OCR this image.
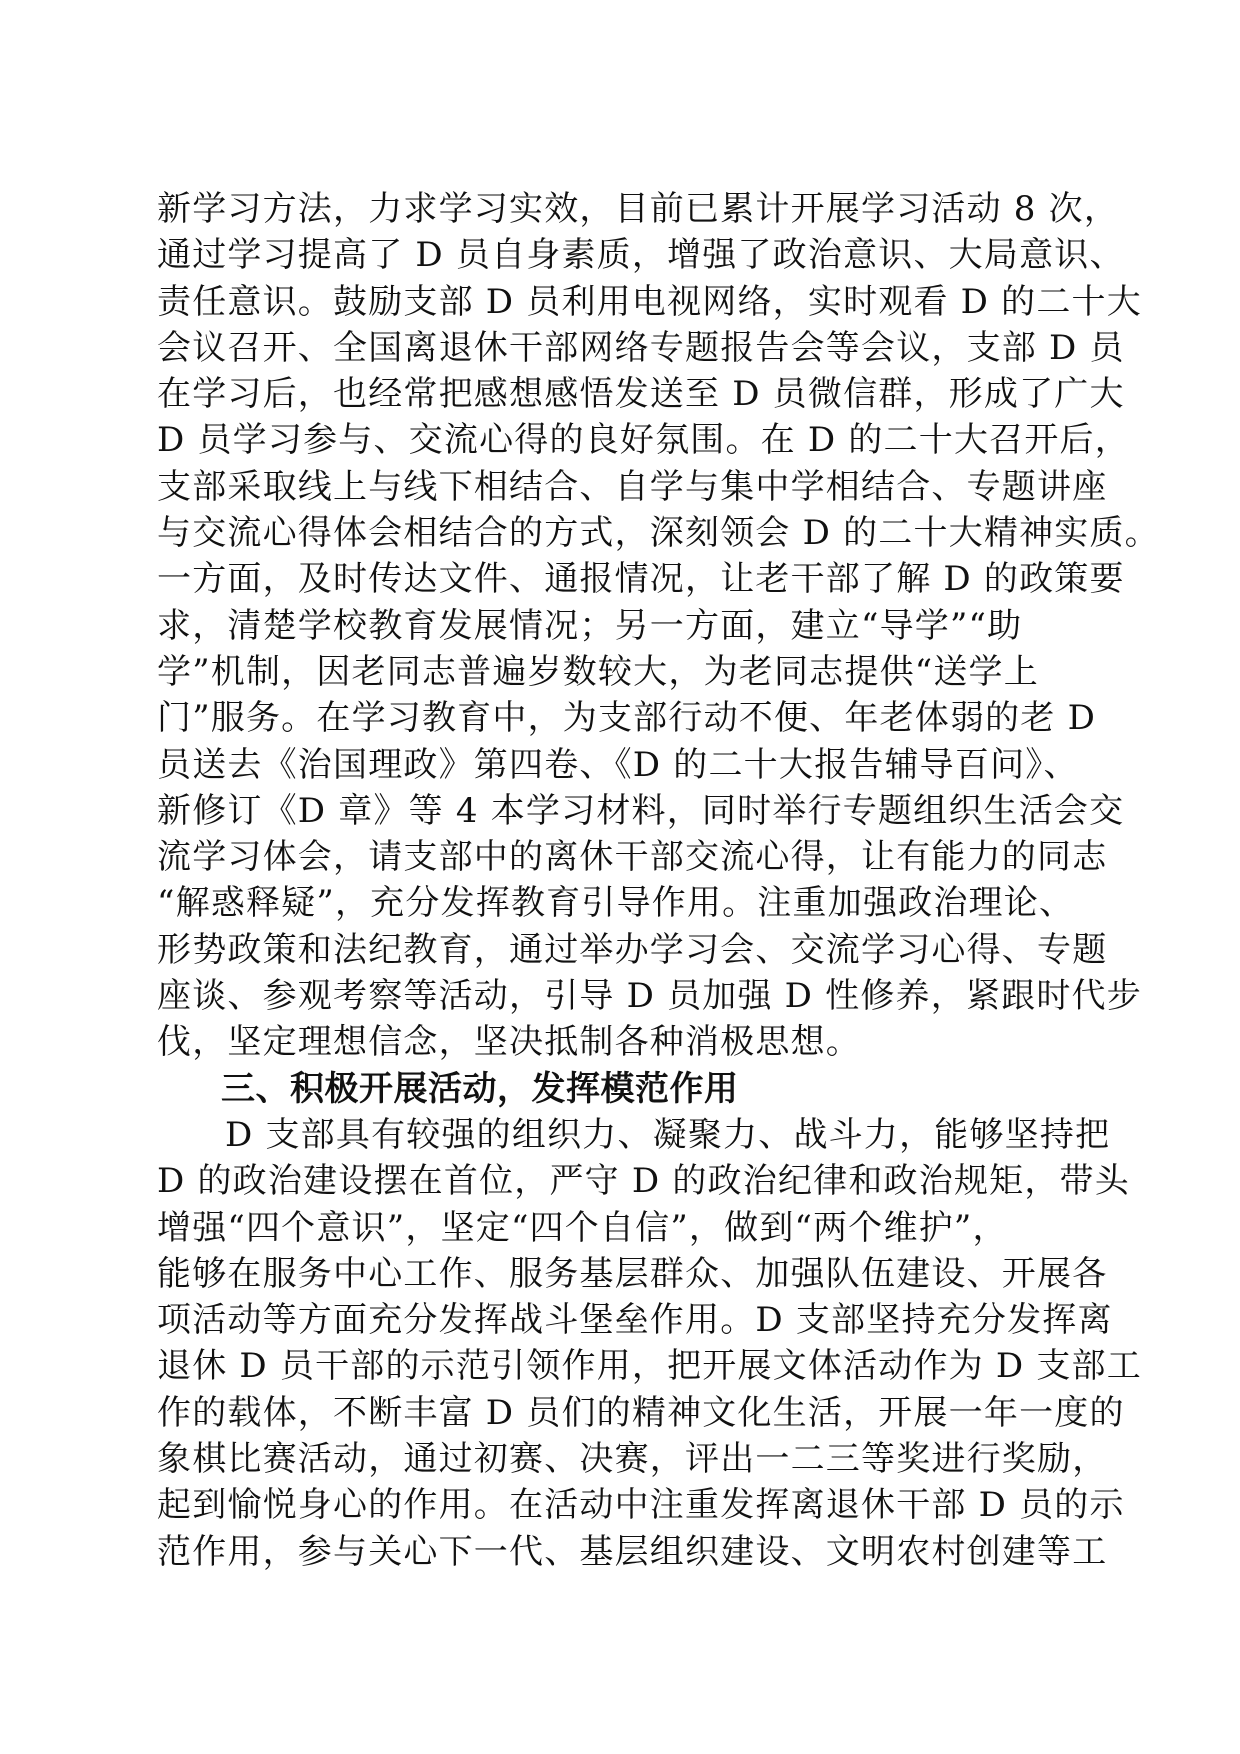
新学习方法，力求学习实效，目前已累计开展学习活动 8 次，
通过学习提高了 D 员自身素质，增强了政治意识、大局意识、
责任意识。鼓励支部 D 员利用电视网络，实时观看 D 的二十大
会议召开、全国离退休干部网络专题报告会等会议，支部 D 员
在学习后，也经常把感想感悟发送至 D 员微信群，形成了广大
D 员学习参与、交流心得的良好氛围。在 D 的二十大召开后，
支部采取线上与线下相结合、自学与集中学相结合、专题讲座
与交流心得体会相结合的方式，深刻领会 D 的二十大精神实质。
一方面，及时传达文件、通报情况，让老干部了解 D 的政策要
求，清楚学校教育发展情况；另一方面，建立“导学”“助
学”机制，因老同志普遍岁数较大，为老同志提供“送学上
门”服务。在学习教育中，为支部行动不便、年老体弱的老 D
员送去《治国理政》第四卷、《D 的二十大报告辅导百问》、
新修订《D 章》等 4 本学习材料，同时举行专题组织生活会交
流学习体会，请支部中的离休干部交流心得，让有能力的同志
“解惑释疑”，充分发挥教育引导作用。注重加强政治理论、
形势政策和法纪教育，通过举办学习会、交流学习心得、专题
座谈、参观考察等活动，引导 D 员加强 D 性修养，紧跟时代步
伐，坚定理想信念，坚决抵制各种消极思想。
三、积极开展活动，发挥模范作用
D 支部具有较强的组织力、凝聚力、战斗力，能够坚持把
D 的政治建设摆在首位，严守 D 的政治纪律和政治规矩，带头
增强“四个意识”，坚定“四个自信”，做到“两个维护”，
能够在服务中心工作、服务基层群众、加强队伍建设、开展各
项活动等方面充分发挥战斗堡垒作用。D 支部坚持充分发挥离
退休 D 员干部的示范引领作用，把开展文体活动作为 D 支部工
作的载体，不断丰富 D 员们的精神文化生活，开展一年一度的
象棋比赛活动，通过初赛、决赛，评出一二三等奖进行奖励，
起到愉悦身心的作用。在活动中注重发挥离退休干部 D 员的示
范作用，参与关心下一代、基层组织建设、文明农村创建等工
